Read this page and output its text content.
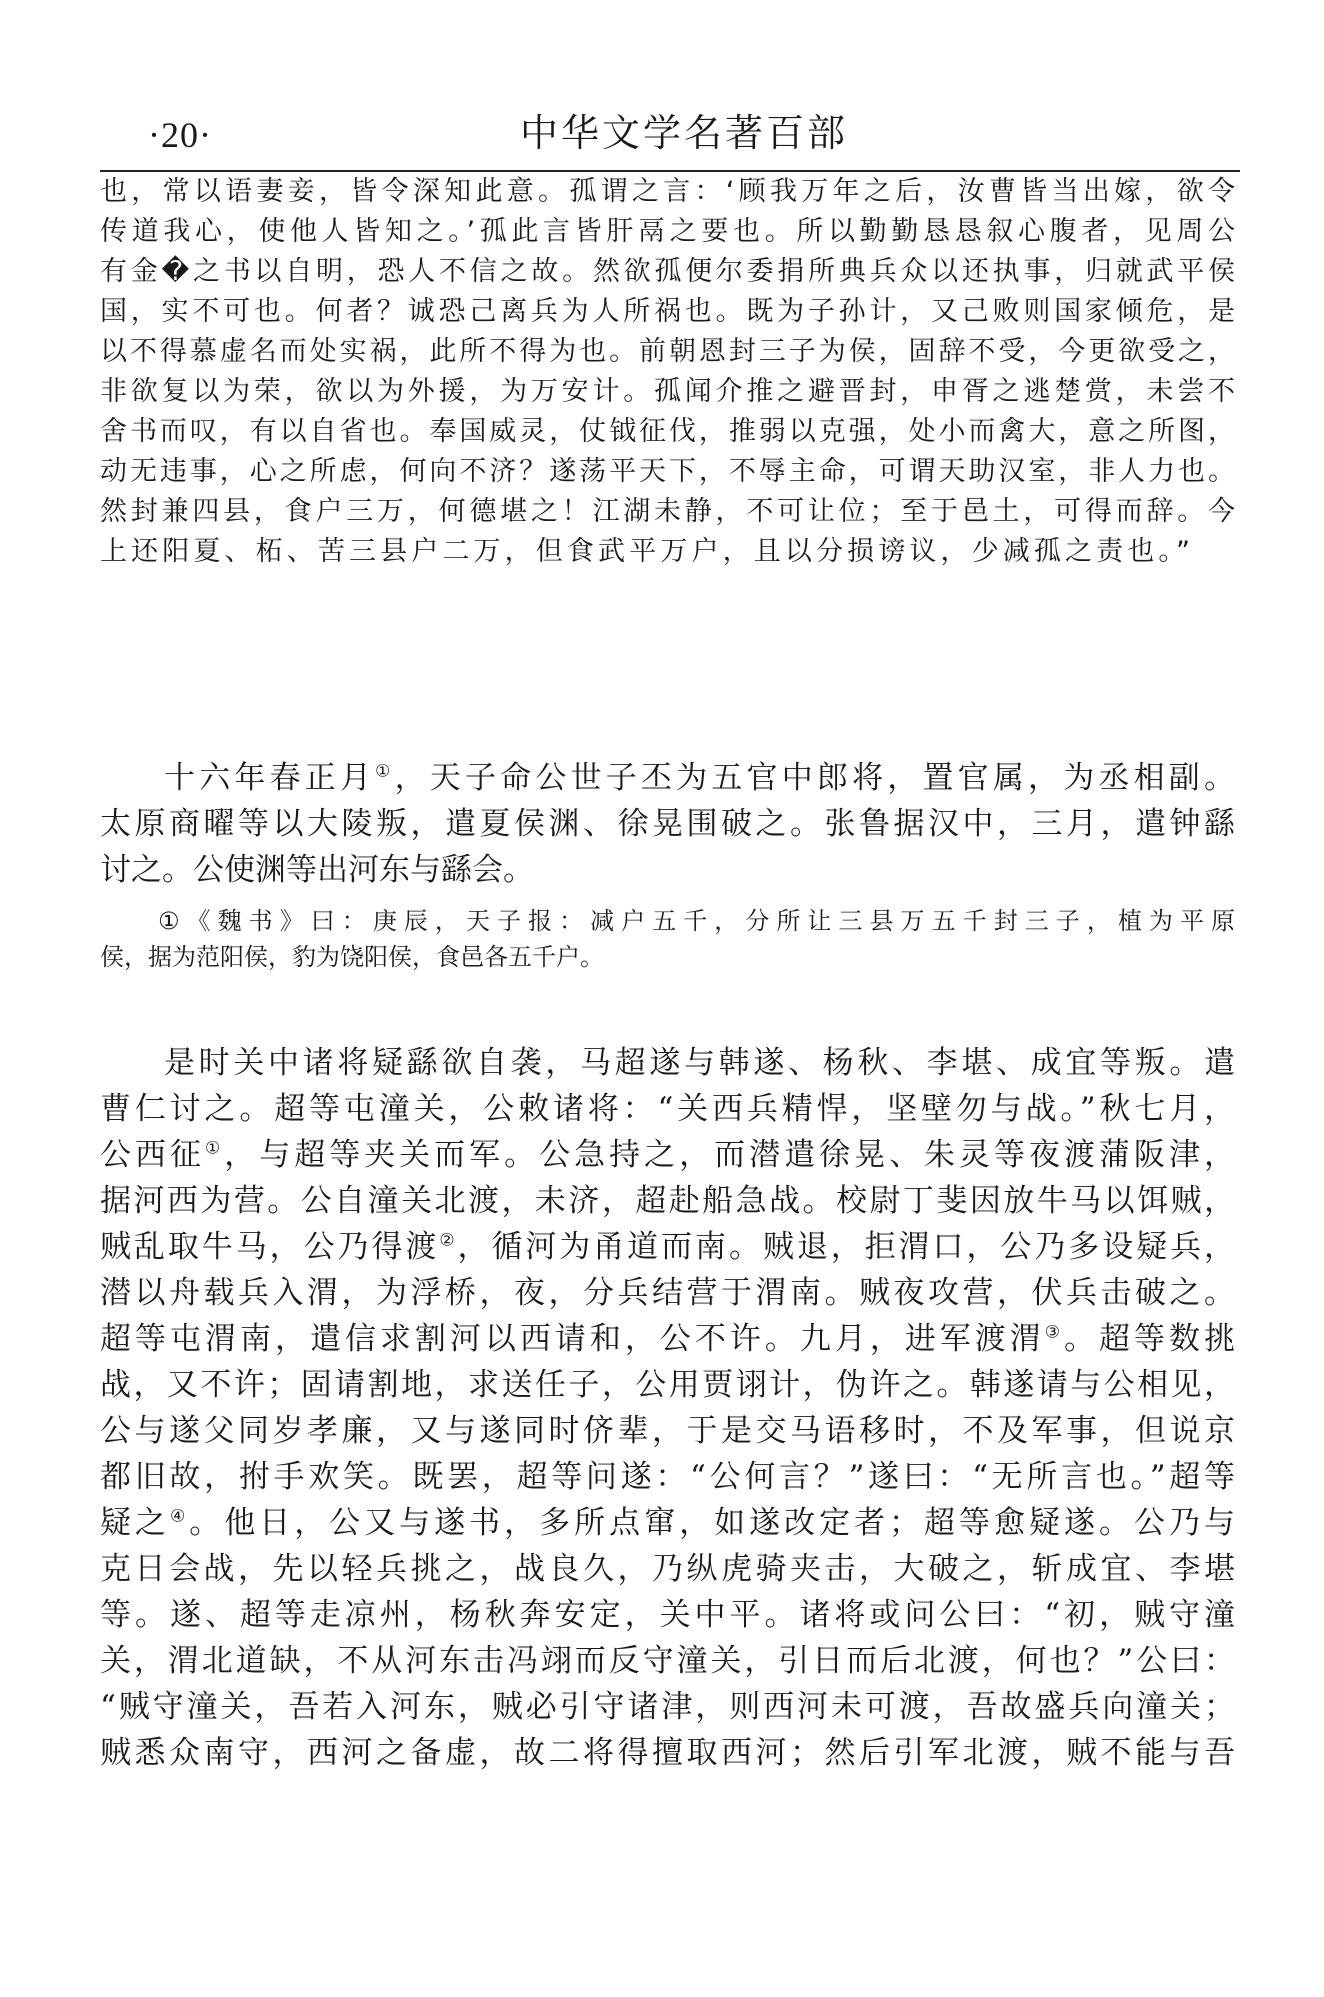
·20·	中华文学名著百部
也，常以语妻妾，皆令深知此意。孤谓之言：‘顾我万年之后，汝曹皆当出嫁，欲令
传道我心，使他人皆知之。’孤此言皆肝鬲之要也。所以勤勤恳恳叙心腹者，见周公
有金�之书以自明，恐人不信之故。然欲孤便尔委捐所典兵众以还执事，归就武平侯
国，实不可也。何者？诚恐己离兵为人所祸也。既为子孙计，又己败则国家倾危，是
以不得慕虚名而处实祸，此所不得为也。前朝恩封三子为侯，固辞不受，今更欲受之，
非欲复以为荣，欲以为外援，为万安计。孤闻介推之避晋封，申胥之逃楚赏，未尝不
舍书而叹，有以自省也。奉国威灵，仗钺征伐，推弱以克强，处小而禽大，意之所图，
动无违事，心之所虑，何向不济？遂荡平天下，不辱主命，可谓天助汉室，非人力也。
然封兼四县，食户三万，何德堪之！江湖未静，不可让位；至于邑土，可得而辞。今
上还阳夏、柘、苦三县户二万，但食武平万户，且以分损谤议，少减孤之责也。”
十六年春正月①，天子命公世子丕为五官中郎将，置官属，为丞相副。
太原商曜等以大陵叛，遣夏侯渊、徐晃围破之。张鲁据汉中，三月，遣钟繇
讨之。公使渊等出河东与繇会。
①《魏书》曰：庚辰，天子报：减户五千，分所让三县万五千封三子，植为平原
侯，据为范阳侯，豹为饶阳侯，食邑各五千户。
是时关中诸将疑繇欲自袭，马超遂与韩遂、杨秋、李堪、成宜等叛。遣
曹仁讨之。超等屯潼关，公敕诸将：“关西兵精悍，坚壁勿与战。”秋七月，
公西征①，与超等夹关而军。公急持之，而潜遣徐晃、朱灵等夜渡蒲阪津，
据河西为营。公自潼关北渡，未济，超赴船急战。校尉丁斐因放牛马以饵贼，
贼乱取牛马，公乃得渡②，循河为甬道而南。贼退，拒渭口，公乃多设疑兵，
潜以舟载兵入渭，为浮桥，夜，分兵结营于渭南。贼夜攻营，伏兵击破之。
超等屯渭南，遣信求割河以西请和，公不许。九月，进军渡渭③。超等数挑
战，又不许；固请割地，求送任子，公用贾诩计，伪许之。韩遂请与公相见，
公与遂父同岁孝廉，又与遂同时侪辈，于是交马语移时，不及军事，但说京
都旧故，拊手欢笑。既罢，超等问遂：“公何言？”遂曰：“无所言也。”超等
疑之④。他日，公又与遂书，多所点窜，如遂改定者；超等愈疑遂。公乃与
克日会战，先以轻兵挑之，战良久，乃纵虎骑夹击，大破之，斩成宜、李堪
等。遂、超等走凉州，杨秋奔安定，关中平。诸将或问公曰：“初，贼守潼
关，渭北道缺，不从河东击冯翊而反守潼关，引日而后北渡，何也？”公曰：
“贼守潼关，吾若入河东，贼必引守诸津，则西河未可渡，吾故盛兵向潼关；
贼悉众南守，西河之备虚，故二将得擅取西河；然后引军北渡，贼不能与吾
